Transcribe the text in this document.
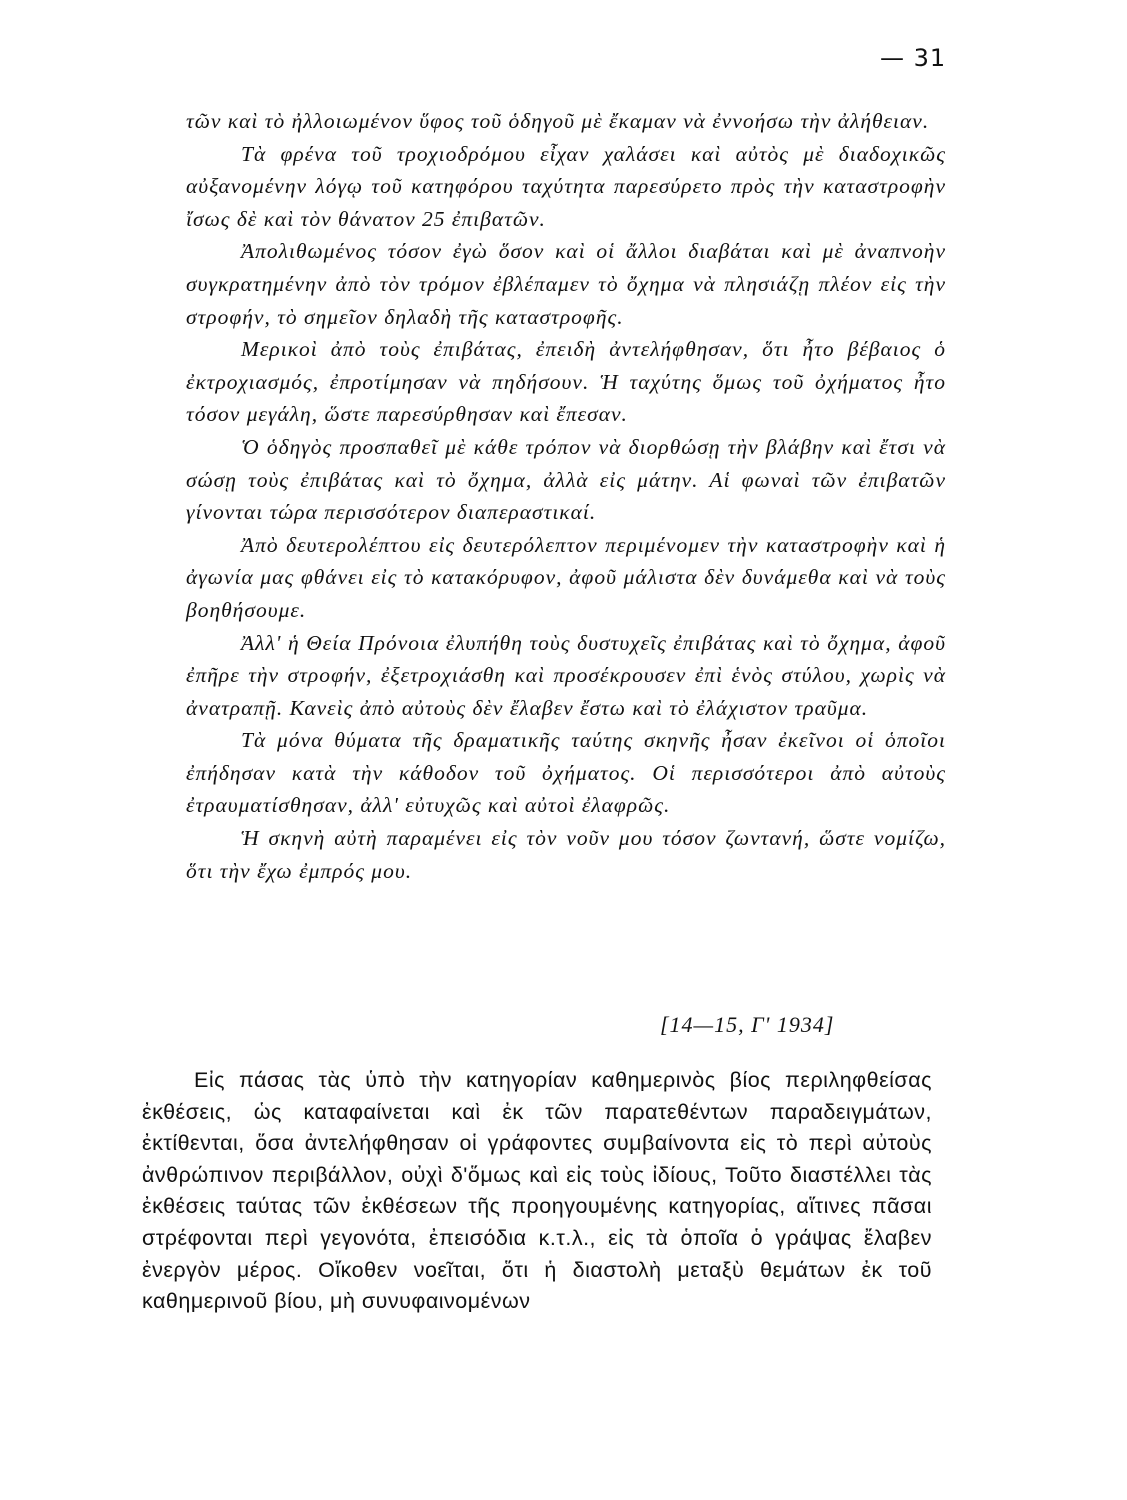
— 31

τῶν καὶ τὸ ἠλλοιωμένον ὕφος τοῦ ὁδηγοῦ μὲ ἔκαμαν νὰ ἐννοήσω τὴν ἀλήθειαν.

Τὰ φρένα τοῦ τροχιοδρόμου εἶχαν χαλάσει καὶ αὐτὸς μὲ διαδοχικῶς αὐξανομένην λόγῳ τοῦ κατηφόρου ταχύτητα παρεσύρετο πρὸς τὴν καταστροφὴν ἴσως δὲ καὶ τὸν θάνατον 25 ἐπιβατῶν.

Ἀπολιθωμένος τόσον ἐγὼ ὅσον καὶ οἱ ἄλλοι διαβάται καὶ μὲ ἀναπνοὴν συγκρατημένην ἀπὸ τὸν τρόμον ἐβλέπαμεν τὸ ὄχημα νὰ πλησιάζῃ πλέον εἰς τὴν στροφήν, τὸ σημεῖον δηλαδὴ τῆς καταστροφῆς.

Μερικοὶ ἀπὸ τοὺς ἐπιβάτας, ἐπειδὴ ἀντελήφθησαν, ὅτι ἦτο βέβαιος ὁ ἐκτροχιασμός, ἐπροτίμησαν νὰ πηδήσουν. Ἡ ταχύτης ὅμως τοῦ ὀχήματος ἦτο τόσον μεγάλη, ὥστε παρεσύρθησαν καὶ ἔπεσαν.

Ὁ ὁδηγὸς προσπαθεῖ μὲ κάθε τρόπον νὰ διορθώσῃ τὴν βλάβην καὶ ἔτσι νὰ σώσῃ τοὺς ἐπιβάτας καὶ τὸ ὄχημα, ἀλλὰ εἰς μάτην. Αἱ φωναὶ τῶν ἐπιβατῶν γίνονται τώρα περισσότερον διαπεραστικαί.

Ἀπὸ δευτερολέπτου εἰς δευτερόλεπτον περιμένομεν τὴν καταστροφὴν καὶ ἡ ἀγωνία μας φθάνει εἰς τὸ κατακόρυφον, ἀφοῦ μάλιστα δὲν δυνάμεθα καὶ νὰ τοὺς βοηθήσουμε.

Ἀλλ' ἡ Θεία Πρόνοια ἐλυπήθη τοὺς δυστυχεῖς ἐπιβάτας καὶ τὸ ὄχημα, ἀφοῦ ἐπῆρε τὴν στροφήν, ἐξετροχιάσθη καὶ προσέκρουσεν ἐπὶ ἑνὸς στύλου, χωρὶς νὰ ἀνατραπῇ. Κανεὶς ἀπὸ αὐτοὺς δὲν ἔλαβεν ἔστω καὶ τὸ ἐλάχιστον τραῦμα.

Τὰ μόνα θύματα τῆς δραματικῆς ταύτης σκηνῆς ἦσαν ἐκεῖνοι οἱ ὁποῖοι ἐπήδησαν κατὰ τὴν κάθοδον τοῦ ὀχήματος. Οἱ περισσότεροι ἀπὸ αὐτοὺς ἐτραυματίσθησαν, ἀλλ' εὐτυχῶς καὶ αὐτοὶ ἐλαφρῶς.

Ἡ σκηνὴ αὐτὴ παραμένει εἰς τὸν νοῦν μου τόσον ζωντανή, ὥστε νομίζω, ὅτι τὴν ἔχω ἐμπρός μου.

[14—15, Γ' 1934]

Εἰς πάσας τὰς ὑπὸ τὴν κατηγορίαν καθημερινὸς βίος περιληφθείσας ἐκθέσεις, ὡς καταφαίνεται καὶ ἐκ τῶν παρατεθέντων παραδειγμάτων, ἐκτίθενται, ὅσα ἀντελήφθησαν οἱ γράφοντες συμβαίνοντα εἰς τὸ περὶ αὐτοὺς ἀνθρώπινον περιβάλλον, οὐχὶ δ'ὅμως καὶ εἰς τοὺς ἰδίους, Τοῦτο διαστέλλει τὰς ἐκθέσεις ταύτας τῶν ἐκθέσεων τῆς προηγουμένης κατηγορίας, αἵτινες πᾶσαι στρέφονται περὶ γεγονότα, ἐπεισόδια κ.τ.λ., εἰς τὰ ὁποῖα ὁ γράψας ἔλαβεν ἐνεργὸν μέρος. Οἴκοθεν νοεῖται, ὅτι ἡ διαστολὴ μεταξὺ θεμάτων ἐκ τοῦ καθημερινοῦ βίου, μὴ συνυφαινομένων
